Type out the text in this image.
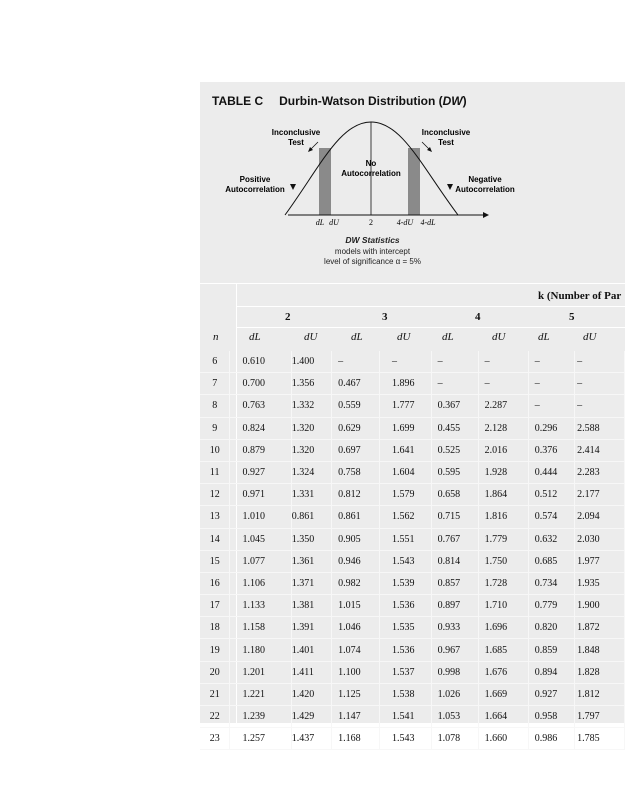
TABLE C Durbin-Watson Distribution (DW)
Inconclusive
Test
Inconclusive
Test
No
Autocorrelation
Positive
Autocorrelation
Negative
Autocorrelation
dL dU	2	4-dU 4-dL
DW Statistics
models with intercept
level of significance α = 5%
k (Number of Par
2	3	4	5
n	dL	dU	dL	dU	dL	dU	dL	dU
6	0.610	1.400	–	–	–	–	–	–
7	0.700	1.356	0.467	1.896	–	–	–	–
8	0.763	1.332	0.559	1.777	0.367	2.287	–	–
9	0.824	1.320	0.629	1.699	0.455	2.128	0.296	2.588
10	0.879	1.320	0.697	1.641	0.525	2.016	0.376	2.414
11	0.927	1.324	0.758	1.604	0.595	1.928	0.444	2.283
12	0.971	1.331	0.812	1.579	0.658	1.864	0.512	2.177
13	1.010	0.861	0.861	1.562	0.715	1.816	0.574	2.094
14	1.045	1.350	0.905	1.551	0.767	1.779	0.632	2.030
15	1.077	1.361	0.946	1.543	0.814	1.750	0.685	1.977
16	1.106	1.371	0.982	1.539	0.857	1.728	0.734	1.935
17	1.133	1.381	1.015	1.536	0.897	1.710	0.779	1.900
18	1.158	1.391	1.046	1.535	0.933	1.696	0.820	1.872
19	1.180	1.401	1.074	1.536	0.967	1.685	0.859	1.848
20	1.201	1.411	1.100	1.537	0.998	1.676	0.894	1.828
21	1.221	1.420	1.125	1.538	1.026	1.669	0.927	1.812
22	1.239	1.429	1.147	1.541	1.053	1.664	0.958	1.797
23	1.257	1.437	1.168	1.543	1.078	1.660	0.986	1.785
